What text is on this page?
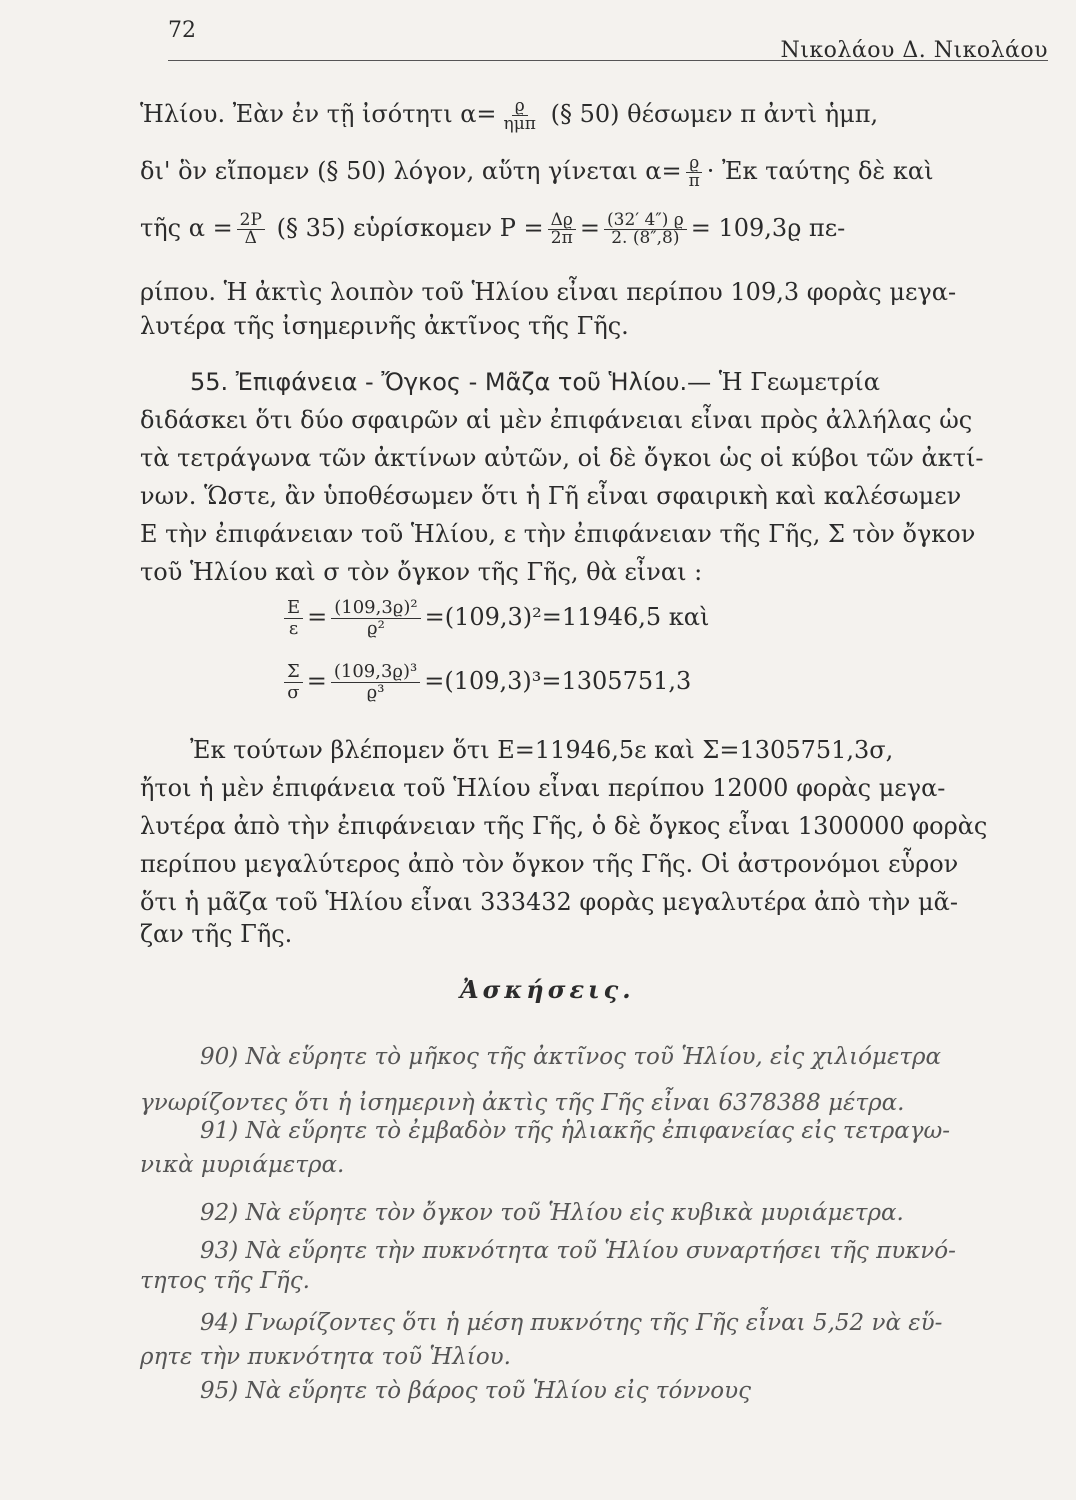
72
Νικολάου Δ. Νικολάου
Ἡλίου. Ἐὰν ἐν τῇ ἰσότητι $\alpha= \frac{ϱ}{\text{ημπ}}$ (§ 50) θέσωμεν π ἀντὶ ἡμπ,
δι' ὃν εἴπομεν (§ 50) λόγον, αὕτη γίνεται $\alpha= \frac{ϱ}{\pi}$ · Ἐκ ταύτης δὲ καὶ
τῆς $\alpha = \frac{2P}{\Delta}$ (§ 35) εὑρίσκομεν $P = \frac{\Delta ϱ}{2\pi} = \frac{(32' 4'') ϱ}{2. (8'',8)} = 109,3ϱ$ πε-
ρίπου. Ἡ ἀκτὶς λοιπὸν τοῦ Ἡλίου εἶναι περίπου 109,3 φορὰς μεγα-
λυτέρα τῆς ἰσημερινῆς ἀκτῖνος τῆς Γῆς.
55. Ἐπιφάνεια - Ὄγκος - Μᾶζα τοῦ Ἡλίου.— Ἡ Γεωμετρία
διδάσκει ὅτι δύο σφαιρῶν αἱ μὲν ἐπιφάνειαι εἶναι πρὸς ἀλλήλας ὡς
τὰ τετράγωνα τῶν ἀκτίνων αὐτῶν, οἱ δὲ ὄγκοι ὡς οἱ κύβοι τῶν ἀκτί-
νων. Ὥστε, ἂν ὑποθέσωμεν ὅτι ἡ Γῆ εἶναι σφαιρικὴ καὶ καλέσωμεν
Ε τὴν ἐπιφάνειαν τοῦ Ἡλίου, ε τὴν ἐπιφάνειαν τῆς Γῆς, Σ τὸν ὄγκον
τοῦ Ἡλίου καὶ σ τὸν ὄγκον τῆς Γῆς, θὰ εἶναι :
$\frac{E}{\varepsilon} = \frac{\text{(109,3ϱ)²}}{\text{ϱ²}} =(109,3)^2=11946,5$ καὶ
$\frac{\Sigma}{\sigma} = \frac{\text{(109,3ϱ)³}}{\text{ϱ³}} =(109,3)^3=1305751,3$
Ἐκ τούτων βλέπομεν ὅτι Ε=11946,5ε καὶ Σ=1305751,3σ,
ἤτοι ἡ μὲν ἐπιφάνεια τοῦ Ἡλίου εἶναι περίπου 12000 φορὰς μεγα-
λυτέρα ἀπὸ τὴν ἐπιφάνειαν τῆς Γῆς, ὁ δὲ ὄγκος εἶναι 1300000 φορὰς
περίπου μεγαλύτερος ἀπὸ τὸν ὄγκον τῆς Γῆς. Οἱ ἀστρονόμοι εὗρον
ὅτι ἡ μᾶζα τοῦ Ἡλίου εἶναι 333432 φορὰς μεγαλυτέρα ἀπὸ τὴν μᾶ-
ζαν τῆς Γῆς.
Ἀσκήσεις.
90) Νὰ εὕρητε τὸ μῆκος τῆς ἀκτῖνος τοῦ Ἡλίου, εἰς χιλιόμετρα
γνωρίζοντες ὅτι ἡ ἰσημερινὴ ἀκτὶς τῆς Γῆς εἶναι 6378388 μέτρα.
91) Νὰ εὕρητε τὸ ἐμβαδὸν τῆς ἡλιακῆς ἐπιφανείας εἰς τετραγω-
νικὰ μυριάμετρα.
92) Νὰ εὕρητε τὸν ὄγκον τοῦ Ἡλίου εἰς κυβικὰ μυριάμετρα.
93) Νὰ εὕρητε τὴν πυκνότητα τοῦ Ἡλίου συναρτήσει τῆς πυκνό-
τητος τῆς Γῆς.
94) Γνωρίζοντες ὅτι ἡ μέση πυκνότης τῆς Γῆς εἶναι 5,52 νὰ εὕ-
ρητε τὴν πυκνότητα τοῦ Ἡλίου.
95) Νὰ εὕρητε τὸ βάρος τοῦ Ἡλίου εἰς τόννους
